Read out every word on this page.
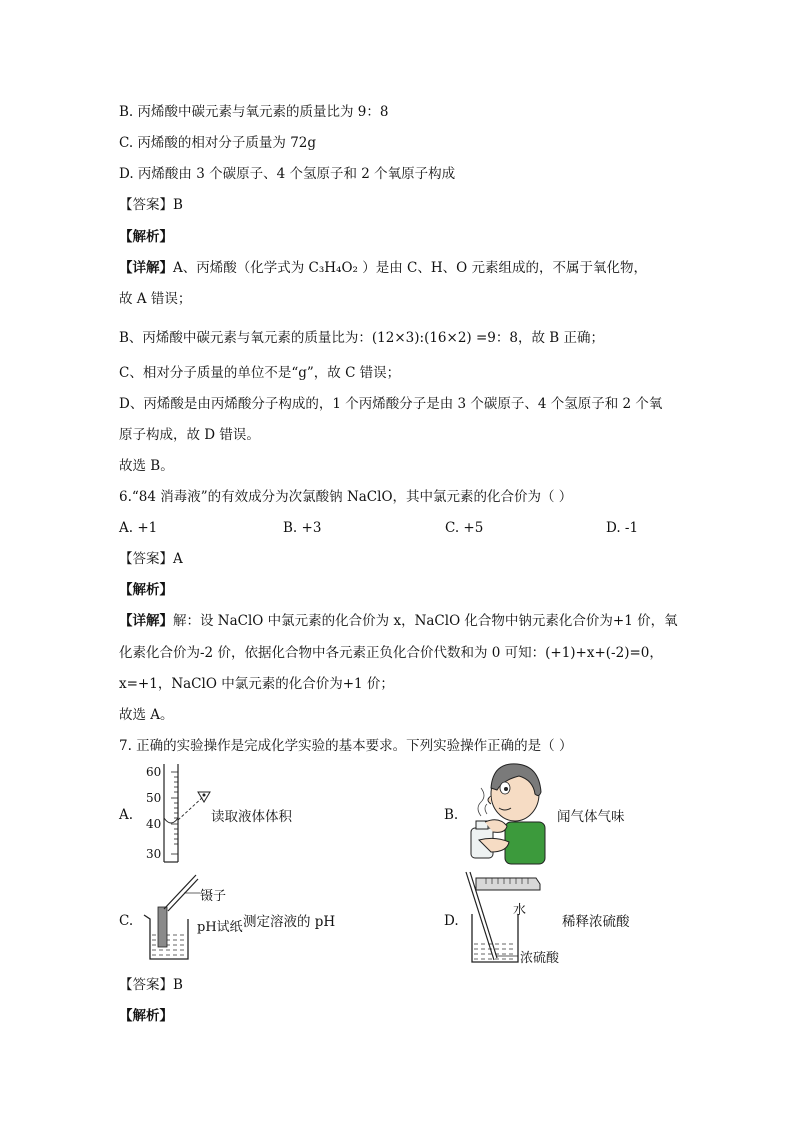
B. 丙烯酸中碳元素与氧元素的质量比为 9：8
C. 丙烯酸的相对分子质量为 72g
D. 丙烯酸由 3 个碳原子、4 个氢原子和 2 个氧原子构成
【答案】B
【解析】
【详解】A、丙烯酸（化学式为 C₃H₄O₂ ）是由 C、H、O 元素组成的，不属于氧化物，
故 A 错误；
B、丙烯酸中碳元素与氧元素的质量比为：(12×3):(16×2) =9：8，故 B 正确；
C、相对分子质量的单位不是“g”，故 C 错误；
D、丙烯酸是由丙烯酸分子构成的，1 个丙烯酸分子是由 3 个碳原子、4 个氢原子和 2 个氧
原子构成，故 D 错误。
故选 B。
6.“84 消毒液”的有效成分为次氯酸钠 NaClO，其中氯元素的化合价为（ ）
A. +1	B. +3	C. +5	D. -1
【答案】A
【解析】
【详解】解：设 NaClO 中氯元素的化合价为 x，NaClO 化合物中钠元素化合价为+1 价，氧
化素化合价为-2 价，依据化合物中各元素正负化合价代数和为 0 可知：(+1)+x+(-2)=0，
x=+1，NaClO 中氯元素的化合价为+1 价；
故选 A。
7. 正确的实验操作是完成化学实验的基本要求。下列实验操作正确的是（ ）
A.
60
50
40
30
读取液体体积	B.	闻气体气味
C.
镊子
pH试纸 测定溶液的 pH	D.
水
浓硫酸
稀释浓硫酸
【答案】B
【解析】
